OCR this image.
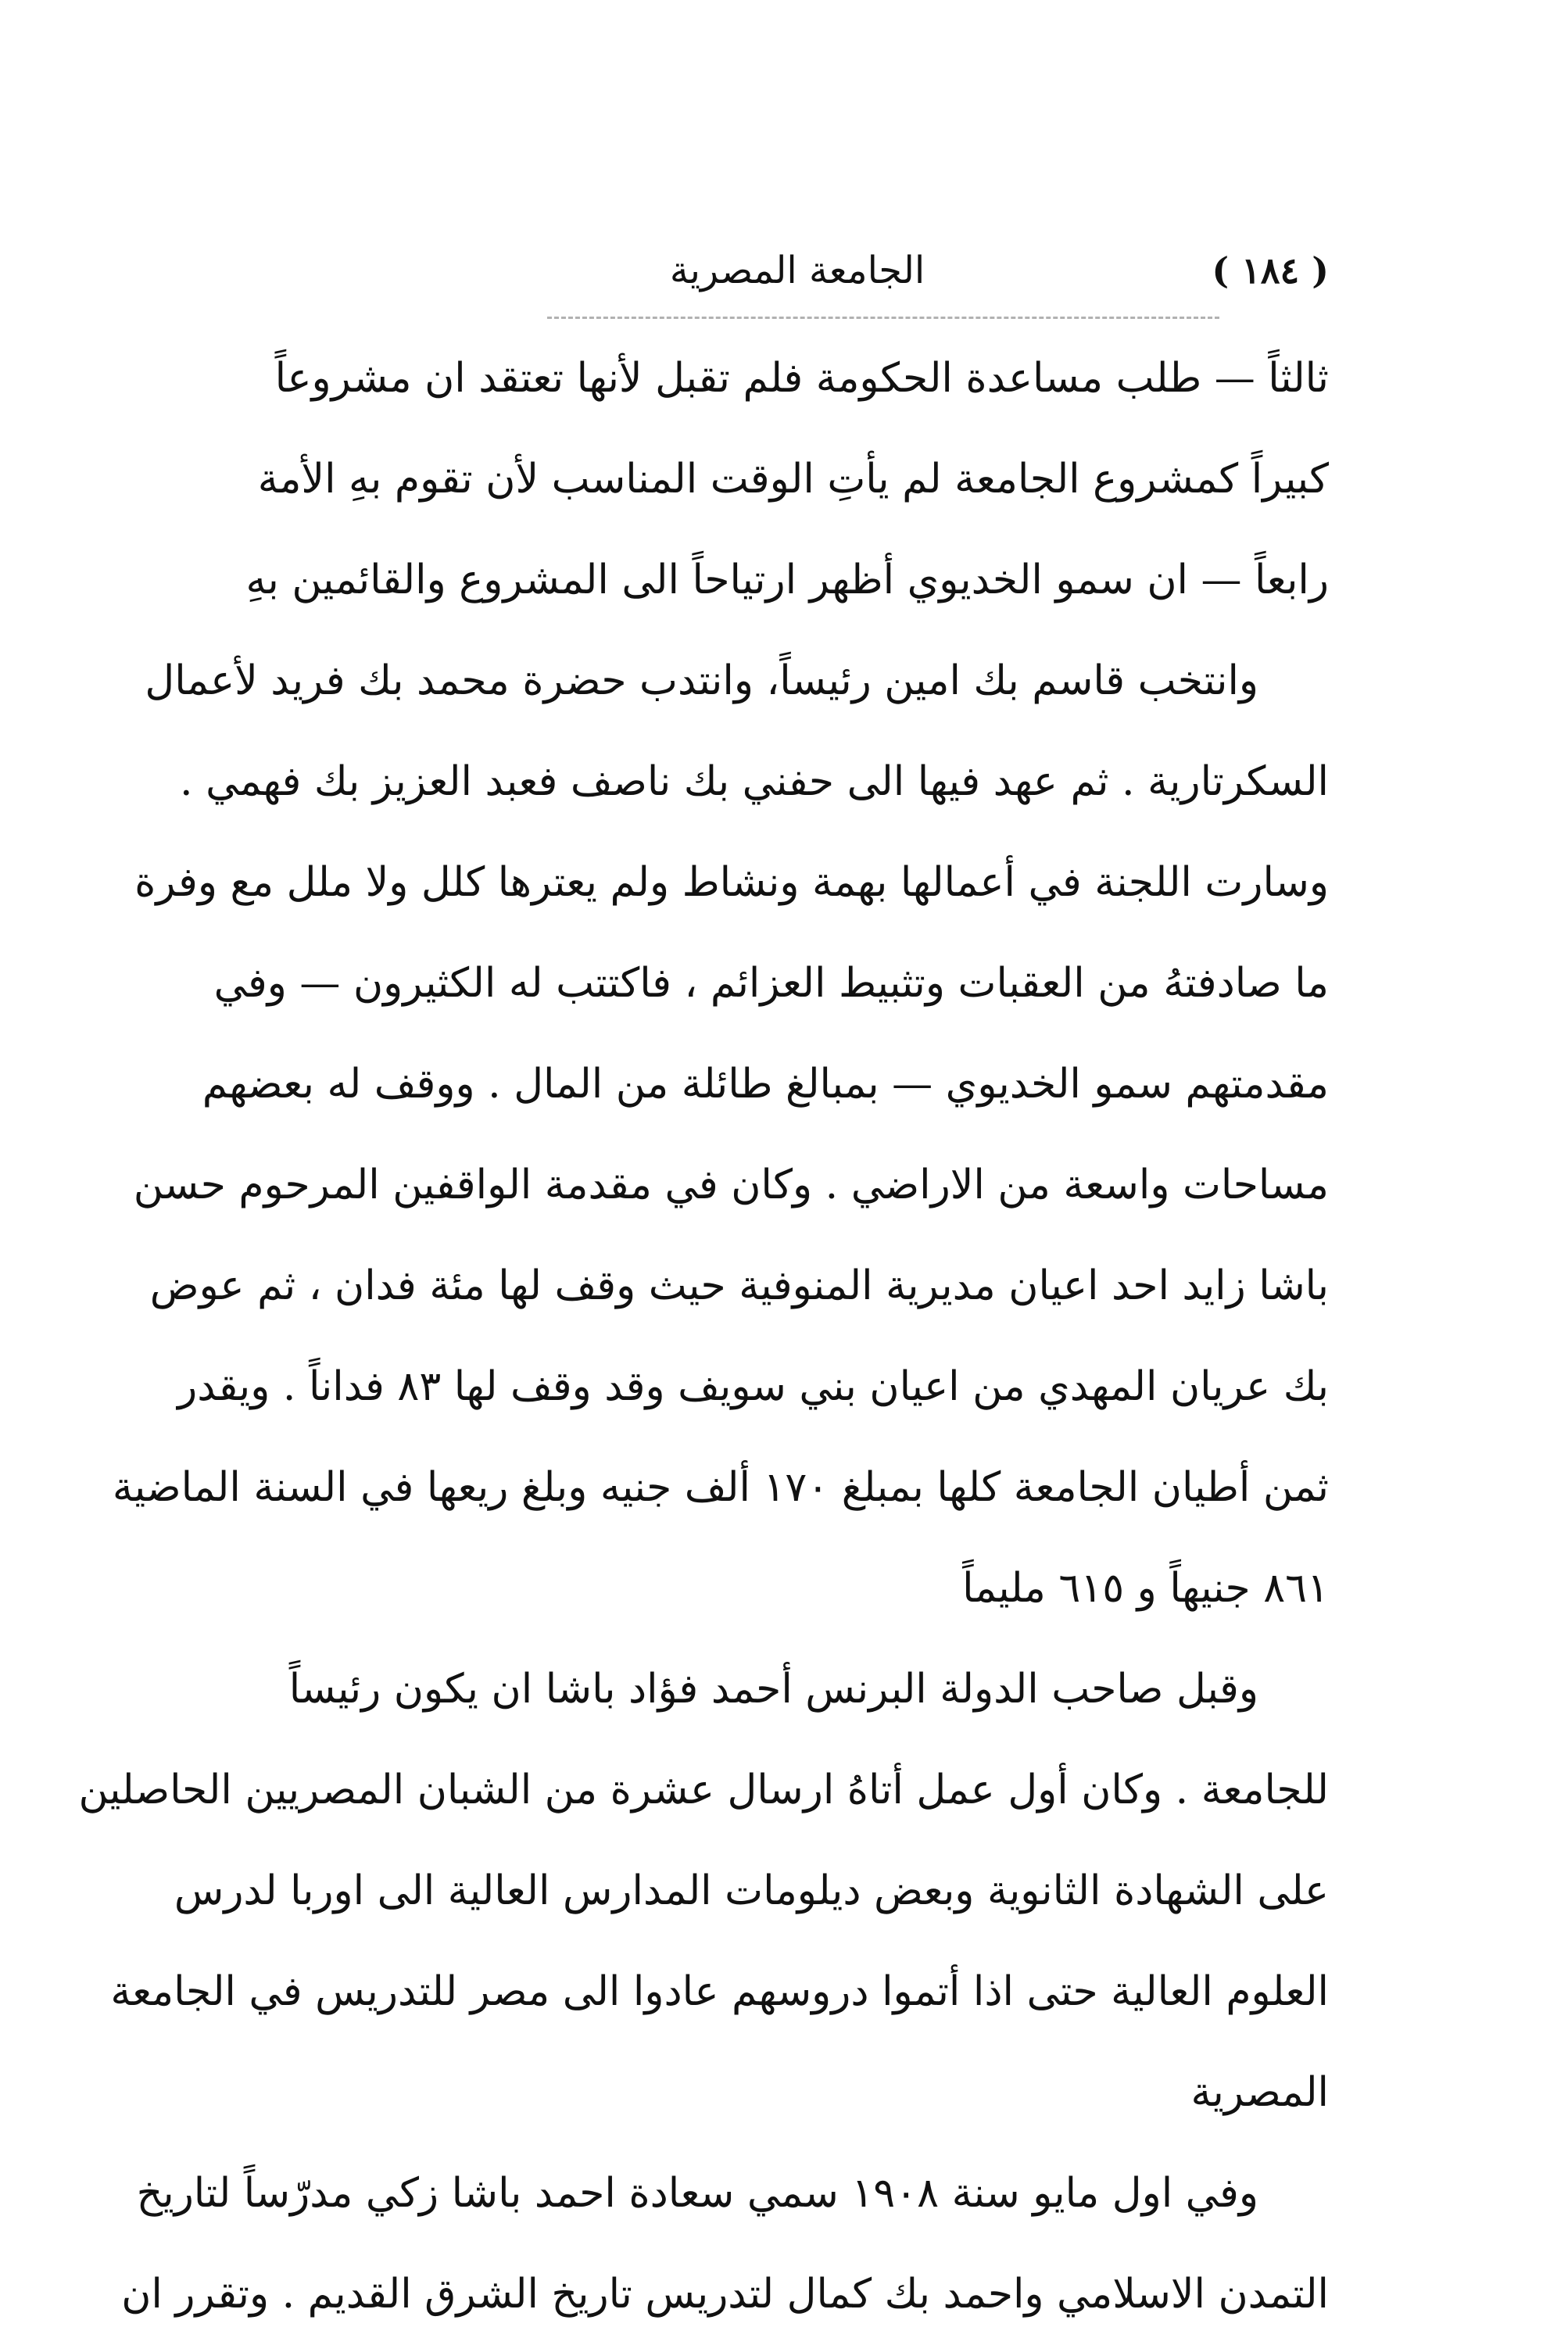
( ١٨٤ )
الجامعة المصرية
ثالثاً — طلب مساعدة الحكومة فلم تقبل لأنها تعتقد ان مشروعاً
كبيراً كمشروع الجامعة لم يأتِ الوقت المناسب لأن تقوم بهِ الأمة
رابعاً — ان سمو الخديوي أظهر ارتياحاً الى المشروع والقائمين بهِ
وانتخب قاسم بك امين رئيساً، وانتدب حضرة محمد بك فريد لأعمال
السكرتارية . ثم عهد فيها الى حفني بك ناصف فعبد العزيز بك فهمي .
وسارت اللجنة في أعمالها بهمة ونشاط ولم يعترها كلل ولا ملل مع وفرة
ما صادفتهُ من العقبات وتثبيط العزائم ، فاكتتب له الكثيرون — وفي
مقدمتهم سمو الخديوي — بمبالغ طائلة من المال . ووقف له بعضهم
مساحات واسعة من الاراضي . وكان في مقدمة الواقفين المرحوم حسن
باشا زايد احد اعيان مديرية المنوفية حيث وقف لها مئة فدان ، ثم عوض
بك عريان المهدي من اعيان بني سويف وقد وقف لها ٨٣ فداناً . ويقدر
ثمن أطيان الجامعة كلها بمبلغ ١٧٠ ألف جنيه وبلغ ريعها في السنة الماضية
٨٦١ جنيهاً و ٦١٥ مليماً
وقبل صاحب الدولة البرنس أحمد فؤاد باشا ان يكون رئيساً
للجامعة . وكان أول عمل أتاهُ ارسال عشرة من الشبان المصريين الحاصلين
على الشهادة الثانوية وبعض ديلومات المدارس العالية الى اوربا لدرس
العلوم العالية حتى اذا أتموا دروسهم عادوا الى مصر للتدريس في الجامعة
المصرية
وفي اول مايو سنة ١٩٠٨ سمي سعادة احمد باشا زكي مدرّساً لتاريخ
التمدن الاسلامي واحمد بك كمال لتدريس تاريخ الشرق القديم . وتقرر ان
